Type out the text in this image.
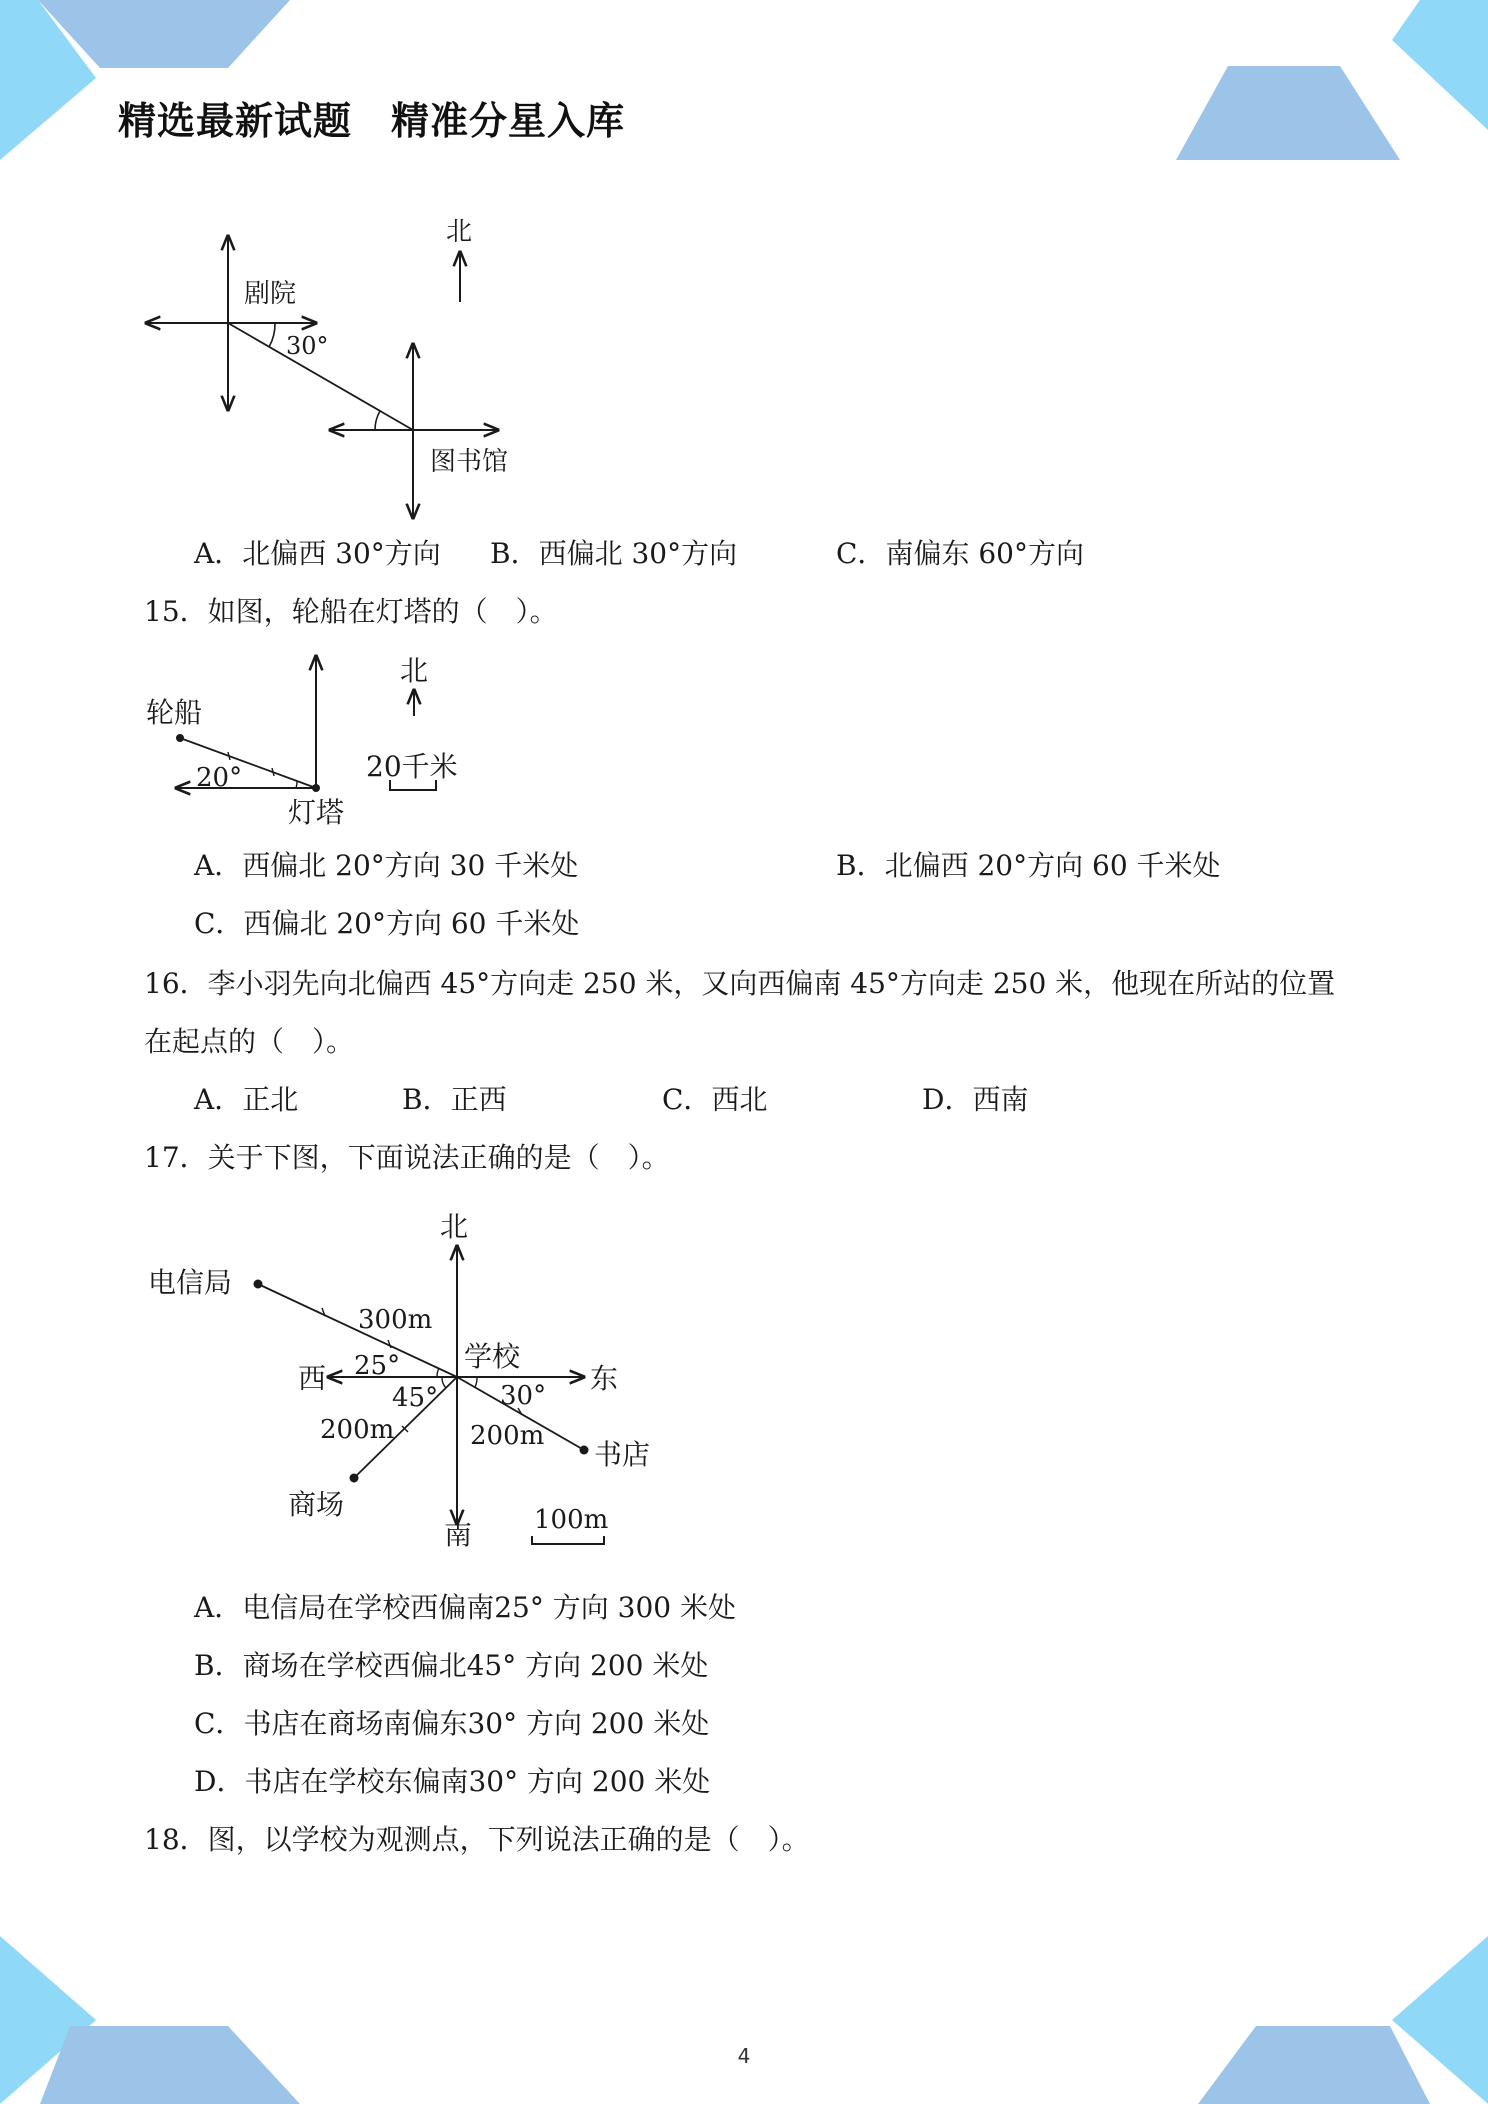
精选最新试题　精准分星入库
北
剧院
30°
图书馆
A．北偏西 30°方向 B．西偏北 30°方向	C．南偏东 60°方向
15．如图，轮船在灯塔的（　）。
轮船
20°
灯塔
北
20千米
A．西偏北 20°方向 30 千米处	B．北偏西 20°方向 60 千米处
C．西偏北 20°方向 60 千米处
16．李小羽先向北偏西 45°方向走 250 米，又向西偏南 45°方向走 250 米，他现在所站的位置
在起点的（　）。
A．正北	B．正西	C．西北	D．西南
17．关于下图，下面说法正确的是（　）。
北
南
东
西
学校
电信局
书店
商场
300m
200m	200m
25°
45° 30°
100m
A．电信局在学校西偏南25° 方向 300 米处
B．商场在学校西偏北45° 方向 200 米处
C．书店在商场南偏东30° 方向 200 米处
D．书店在学校东偏南30° 方向 200 米处
18．图，以学校为观测点，下列说法正确的是（　）。
4
